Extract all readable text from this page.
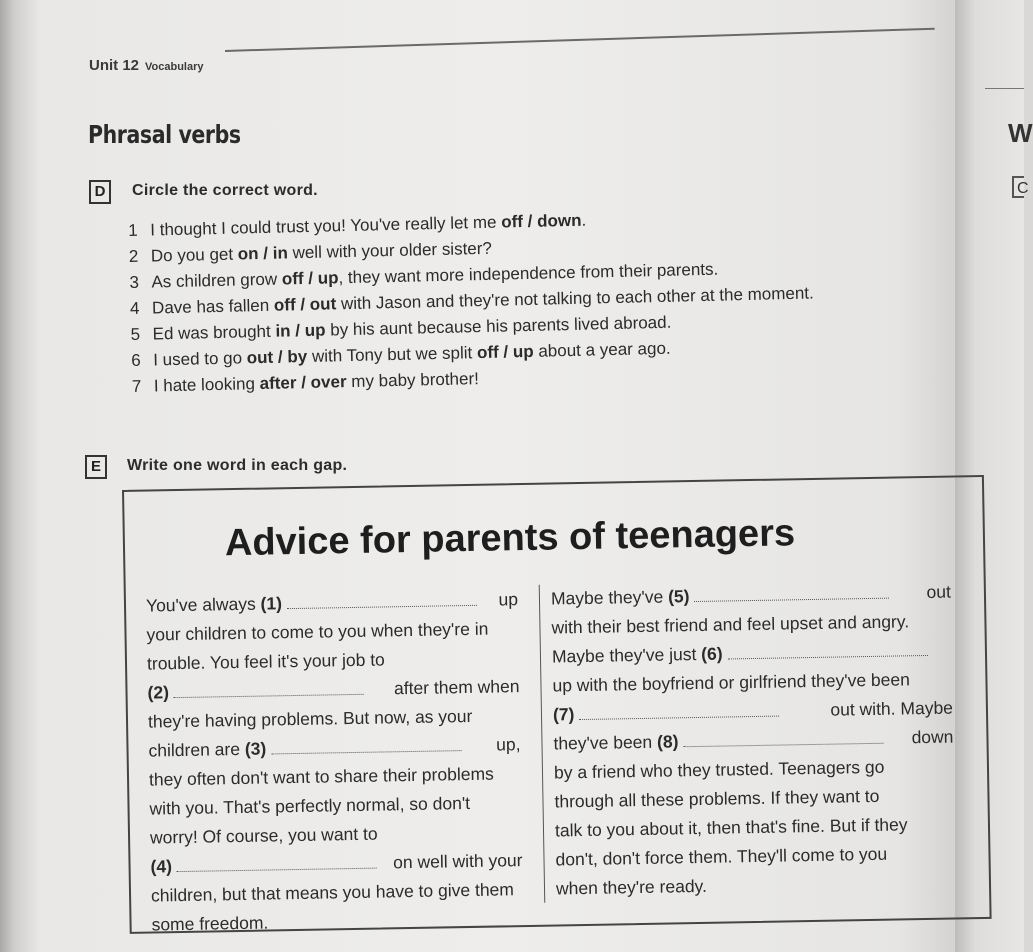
W
C
Unit 12 Vocabulary
Phrasal verbs
D	Circle the correct word.
1 I thought I could trust you! You've really let me off / down.
2 Do you get on / in well with your older sister?
3 As children grow off / up, they want more independence from their parents.
4 Dave has fallen off / out with Jason and they're not talking to each other at the moment.
5 Ed was brought in / up by his aunt because his parents lived abroad.
6 I used to go out / by with Tony but we split off / up about a year ago.
7 I hate looking after / over my baby brother!
E	Write one word in each gap.
Advice for parents of teenagers
You've always (1)	up
your children to come to you when they're in
trouble. You feel it's your job to
(2)	after them when
they're having problems. But now, as your
children are (3)	up,
they often don't want to share their problems
with you. That's perfectly normal, so don't
worry! Of course, you want to
(4)	on well with your
children, but that means you have to give them
some freedom.
Maybe they've (5)	out
with their best friend and feel upset and angry.
Maybe they've just (6)
up with the boyfriend or girlfriend they've been
(7)	out with. Maybe
they've been (8)	down
by a friend who they trusted. Teenagers go
through all these problems. If they want to
talk to you about it, then that's fine. But if they
don't, don't force them. They'll come to you
when they're ready.
